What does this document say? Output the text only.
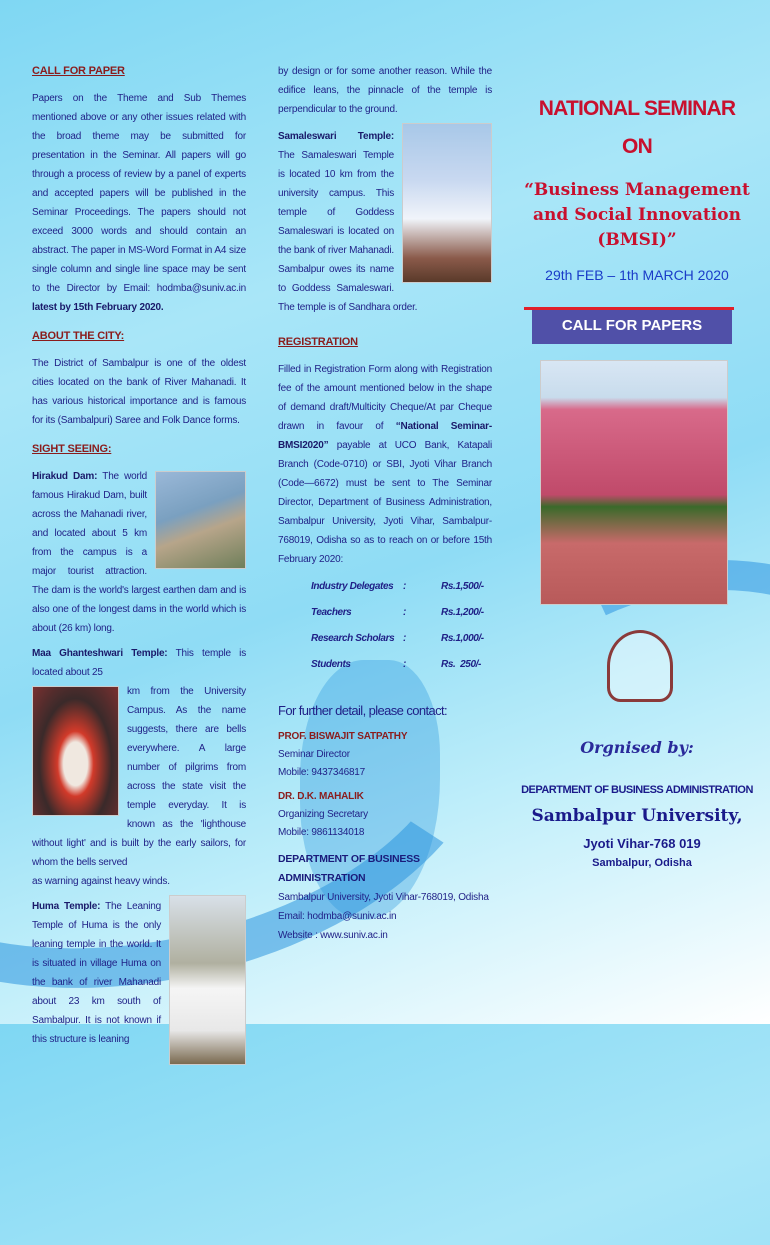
CALL FOR PAPER

Papers on the Theme and Sub Themes mentioned above or any other issues related with the broad theme may be submitted for presentation in the Seminar. All papers will go through a process of review by a panel of experts and accepted papers will be published in the Seminar Proceedings. The papers should not exceed 3000 words and should contain an abstract. The paper in MS-Word Format in A4 size single column and single line space may be sent to the Director by Email: hodmba@suniv.ac.in latest by 15th February 2020.

ABOUT THE CITY:

The District of Sambalpur is one of the oldest cities located on the bank of River Mahanadi. It has various historical importance and is famous for its (Sambalpuri) Saree and Folk Dance forms.

SIGHT SEEING:

Hirakud Dam: The world famous Hirakud Dam, built across the Mahanadi river, and located about 5 km from the campus is a major tourist attraction. The dam is the world's largest earthen dam and is also one of the longest dams in the world which is about (26 km) long.

Maa Ghanteshwari Temple: This temple is located about 25

km from the University Campus. As the name suggests, there are bells everywhere. A large number of pilgrims from across the state visit the temple everyday. It is known as the 'lighthouse without light' and is built by the early sailors, for whom the bells served

as warning against heavy winds.

Huma Temple: The Leaning Temple of Huma is the only leaning temple in the world. It is situated in village Huma on the bank of river Mahanadi about 23 km south of Sambalpur. It is not known if this structure is leaning

by design or for some another reason. While the edifice leans, the pinnacle of the temple is perpendicular to the ground.

Samaleswari Temple: The Samaleswari Temple is located 10 km from the university campus. This temple of Goddess Samaleswari is located on the bank of river Mahanadi. Sambalpur owes its name to Goddess Samaleswari. The temple is of Sandhara order.

REGISTRATION

Filled in Registration Form along with Registration fee of the amount mentioned below in the shape of demand draft/Multicity Cheque/At par Cheque drawn in favour of “National Seminar-BMSI2020” payable at UCO Bank, Katapali Branch (Code-0710) or SBI, Jyoti Vihar Branch (Code—6672) must be sent to The Seminar Director, Department of Business Administration, Sambalpur University, Jyoti Vihar, Sambalpur-768019, Odisha so as to reach on or before 15th February 2020:

Industry Delegates :	Rs.1,500/-
Teachers	:	Rs.1,200/-
Research Scholars :	Rs.1,000/-
Students	:	Rs.  250/-
For further detail, please contact:
PROF. BISWAJIT SATPATHY
Seminar Director
Mobile: 9437346817
DR. D.K. MAHALIK
Organizing Secretary
Mobile: 9861134018
DEPARTMENT OF BUSINESS ADMINISTRATION
Sambalpur University, Jyoti Vihar-768019, Odisha
Email: hodmba@suniv.ac.in
Website : www.suniv.ac.in
NATIONAL SEMINAR
ON
“Business Management and Social Innovation (BMSI)”
29th FEB – 1th MARCH 2020
CALL FOR PAPERS
Orgnised by:
DEPARTMENT OF BUSINESS ADMINISTRATION
Sambalpur University,
Jyoti Vihar-768 019
Sambalpur, Odisha
